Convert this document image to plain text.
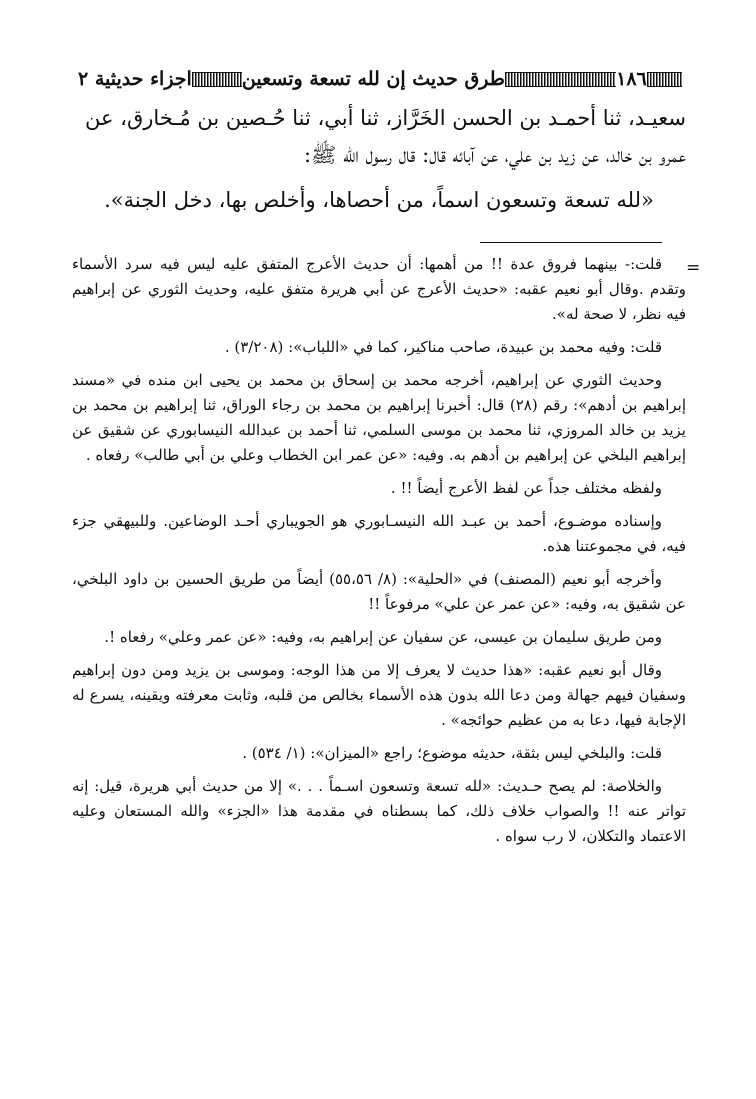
١٨٦
طرق حديث إن لله تسعة وتسعين
اجزاء حديثية ٢

سعيـد، ثنا أحمـد بن الحسن الخَرَّاز، ثنا أبي، ثنا حُـصين بن مُـخارق، عن

عمرو بن خالد، عن زيد بن علي، عن آبائه قال: قال رسول الله ﷺ:

«لله تسعة وتسعون اسماً، من أحصاها، وأخلص بها، دخل الجنة».

=

قلت:- بينهما فروق عدة !! من أهمها: أن حديث الأعرج المتفق عليه ليس فيه سرد الأسماء وتقدم .وقال أبو نعيم عقبه: «حديث الأعرج عن أبي هريرة متفق عليه، وحديث الثوري عن إبراهيم فيه نظر، لا صحة له».

قلت: وفيه محمد بن عبيدة، صاحب مناكير، كما في «اللباب»: (٣/٢٠٨) .

وحديث الثوري عن إبراهيم، أخرجه محمد بن إسحاق بن محمد بن يحيى ابن منده في «مسند إبراهيم بن أدهم»: رقم (٢٨) قال: أخبرنا إبراهيم بن محمد بن رجاء الوراق، ثنا إبراهيم بن محمد بن يزيد بن خالد المروزي، ثنا محمد بن موسى السلمي، ثنا أحمد بن عبدالله النيسابوري عن شقيق عن إبراهيم البلخي عن إبراهيم بن أدهم به. وفيه: «عن عمر ابن الخطاب وعلي بن أبي طالب» رفعاه .

ولفظه مختلف جداً عن لفظ الأعرج أيضاً !! .

وإسناده موضـوع، أحمد بن عبـد الله النيسـابوري هو الجويباري أحـد الوضاعين. وللبيهقي جزء فيه، في مجموعتنا هذه.

وأخرجه أبو نعيم (المصنف) في «الحلية»: (٨/ ٥٥،٥٦) أيضاً من طريق الحسين بن داود البلخي، عن شقيق به، وفيه: «عن عمر عن علي» مرفوعاً !!

ومن طريق سليمان بن عيسى، عن سفيان عن إبراهيم به، وفيه: «عن عمر وعلي» رفعاه !.

وقال أبو نعيم عقبه: «هذا حديث لا يعرف إلا من هذا الوجه: وموسى بن يزيد ومن دون إبراهيم وسفيان فيهم جهالة ومن دعا الله بدون هذه الأسماء بخالص من قلبه، وثابت معرفته ويقينه، يسرع له الإجابة فيها، دعا به من عظيم حوائجه» .

قلت: والبلخي ليس بثقة، حديثه موضوع؛ راجع «الميزان»: (١/ ٥٣٤) .

والخلاصة: لم يصح حـديث: «لله تسعة وتسعون اسـماً . . .» إلا من حديث أبي هريرة، قيل: إنه تواتر عنه !! والصواب خلاف ذلك، كما بسطناه في مقدمة هذا «الجزء» والله المستعان وعليه الاعتماد والتكلان، لا رب سواه .
